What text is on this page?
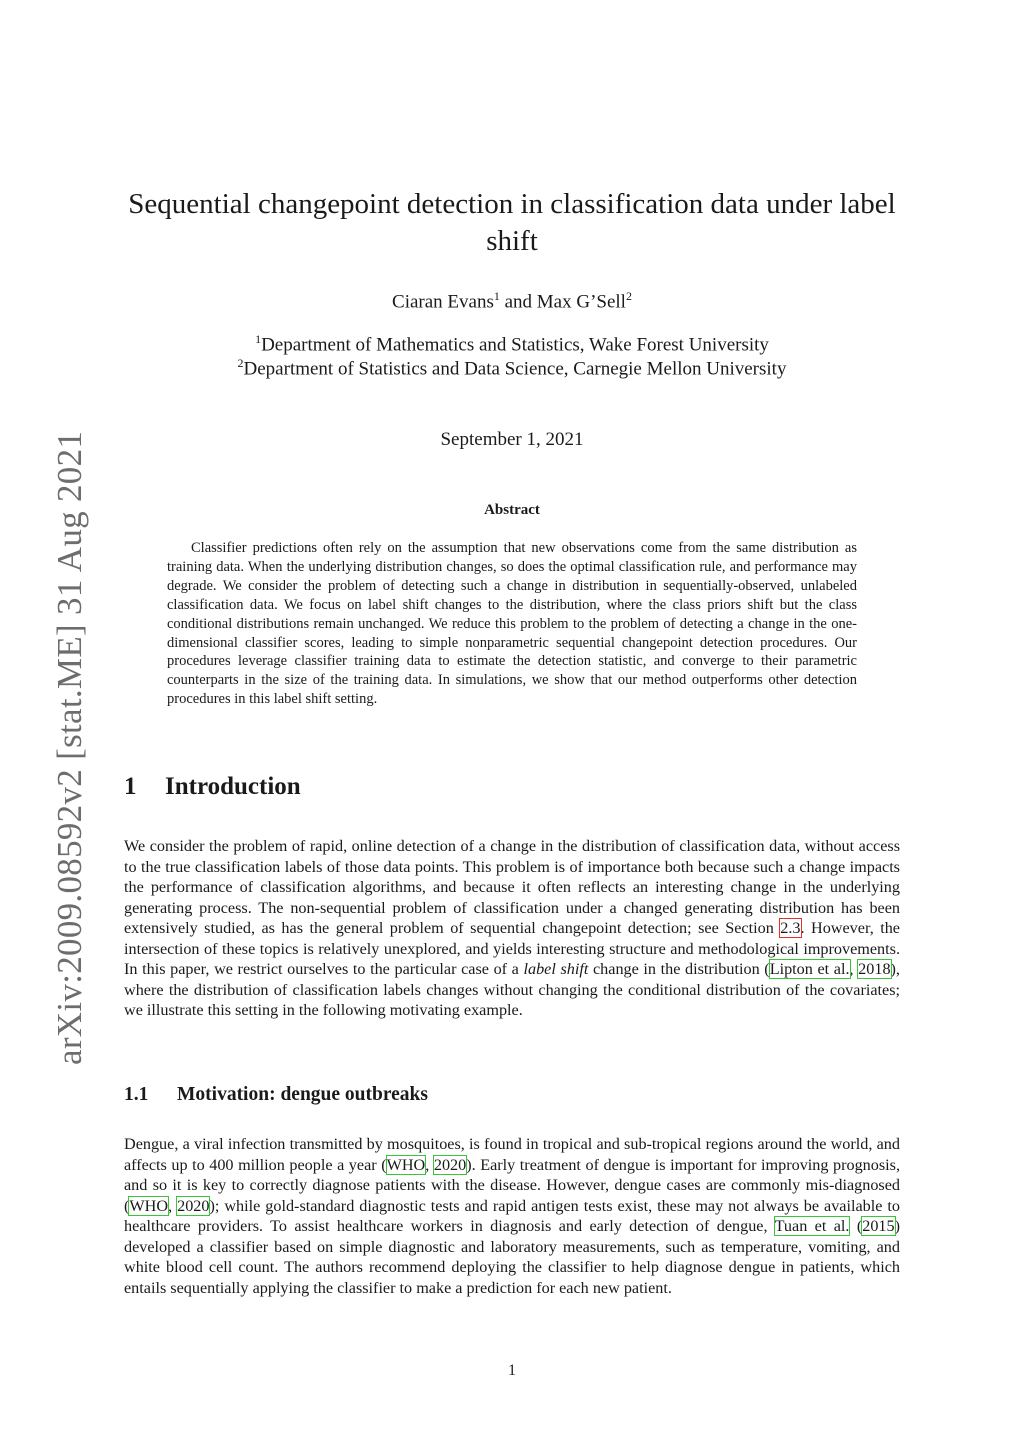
arXiv:2009.08592v2 [stat.ME] 31 Aug 2021
Sequential changepoint detection in classification data under label shift
Ciaran Evans$^1$ and Max G’Sell$^2$
$^1$Department of Mathematics and Statistics, Wake Forest University
$^2$Department of Statistics and Data Science, Carnegie Mellon University
September 1, 2021
Abstract
Classifier predictions often rely on the assumption that new observations come from the same distribution as training data. When the underlying distribution changes, so does the optimal classification rule, and performance may degrade. We consider the problem of detecting such a change in distribution in sequentially-observed, unlabeled classification data. We focus on label shift changes to the distribution, where the class priors shift but the class conditional distributions remain unchanged. We reduce this problem to the problem of detecting a change in the one-dimensional classifier scores, leading to simple nonparametric sequential changepoint detection procedures. Our procedures leverage classifier training data to estimate the detection statistic, and converge to their parametric counterparts in the size of the training data. In simulations, we show that our method outperforms other detection procedures in this label shift setting.
1 Introduction
We consider the problem of rapid, online detection of a change in the distribution of classification data, without access to the true classification labels of those data points. This problem is of importance both because such a change impacts the performance of classification algorithms, and because it often reflects an interesting change in the underlying generating process. The non-sequential problem of classification under a changed generating distribution has been extensively studied, as has the general problem of sequential changepoint detection; see Section 2.3. However, the intersection of these topics is relatively unexplored, and yields interesting structure and methodological improvements. In this paper, we restrict ourselves to the particular case of a label shift change in the distribution (Lipton et al., 2018), where the distribution of classification labels changes without changing the conditional distribution of the covariates; we illustrate this setting in the following motivating example.
1.1 Motivation: dengue outbreaks
Dengue, a viral infection transmitted by mosquitoes, is found in tropical and sub-tropical regions around the world, and affects up to 400 million people a year (WHO, 2020). Early treatment of dengue is important for improving prognosis, and so it is key to correctly diagnose patients with the disease. However, dengue cases are commonly mis-diagnosed (WHO, 2020); while gold-standard diagnostic tests and rapid antigen tests exist, these may not always be available to healthcare providers. To assist healthcare workers in diagnosis and early detection of dengue, Tuan et al. (2015) developed a classifier based on simple diagnostic and laboratory measurements, such as temperature, vomiting, and white blood cell count. The authors recommend deploying the classifier to help diagnose dengue in patients, which entails sequentially applying the classifier to make a prediction for each new patient.
1
